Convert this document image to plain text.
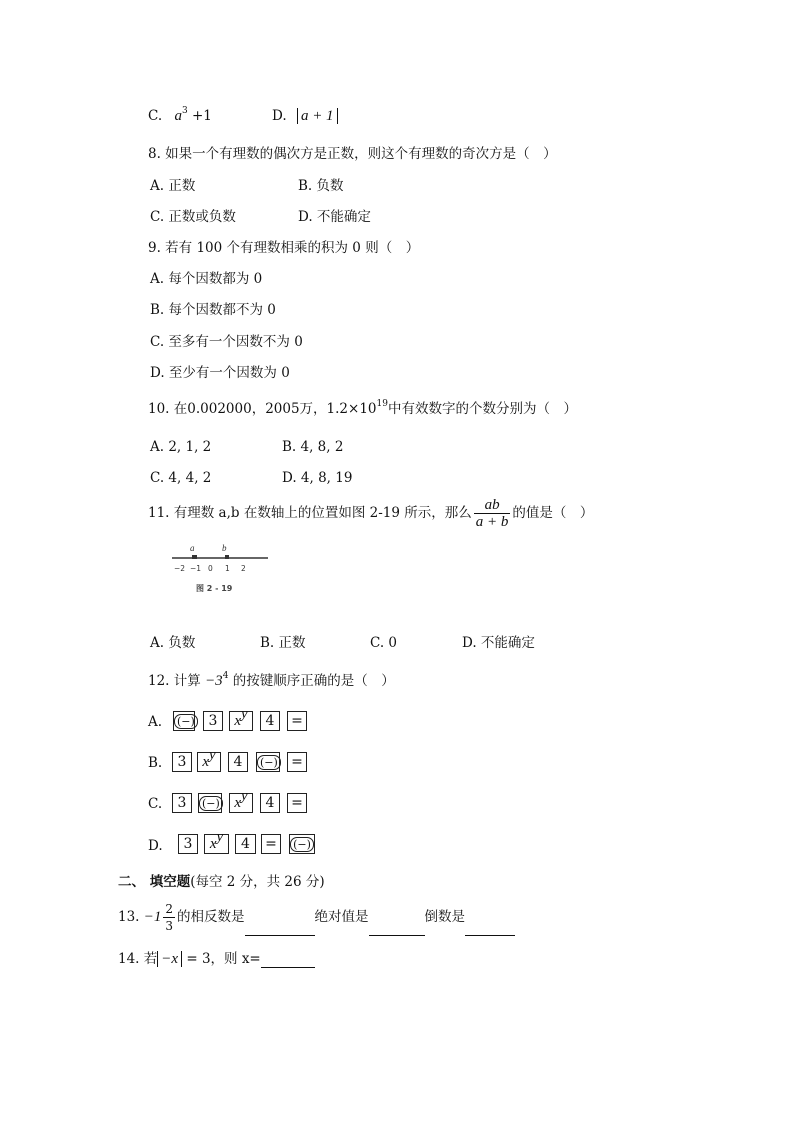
C. $a^3 +1$	D. a + 1
8. 如果一个有理数的偶次方是正数，则这个有理数的奇次方是（　）
A. 正数	B. 负数
C. 正数或负数	D. 不能确定
9. 若有 100 个有理数相乘的积为 0 则（　）
A. 每个因数都为 0
B. 每个因数都不为 0
C. 至多有一个因数不为 0
D. 至少有一个因数为 0
10. 在0.002000，2005万，$1.2\times 10^{19}$中有效数字的个数分别为（　）
A. 2, 1, 2	B. 4, 8, 2
C. 4, 4, 2	D. 4, 8, 19
11. 有理数 a,b 在数轴上的位置如图 2-19 所示，那么 $\frac{ab}{a + b}$ 的值是（　）
a	b
−2 −1 0 1 2
图 2 - 19
A. 负数	B. 正数	C. 0	D. 不能确定
12. 计算 $-3^4$ 的按键顺序正确的是（　）
A.	(−) 3	$x^y$	4	=
B.	3	$x^y$	4	(−) =
C.	3	(−) $x^y$	4	=
D.	3	$x^y$	4	=	(−)
二、 填空题(每空 2 分，共 26 分)
13. $-1 \frac{2}{3}$ 的相反数是	绝对值是	倒数是
14. 若 −x = 3，则 x=
